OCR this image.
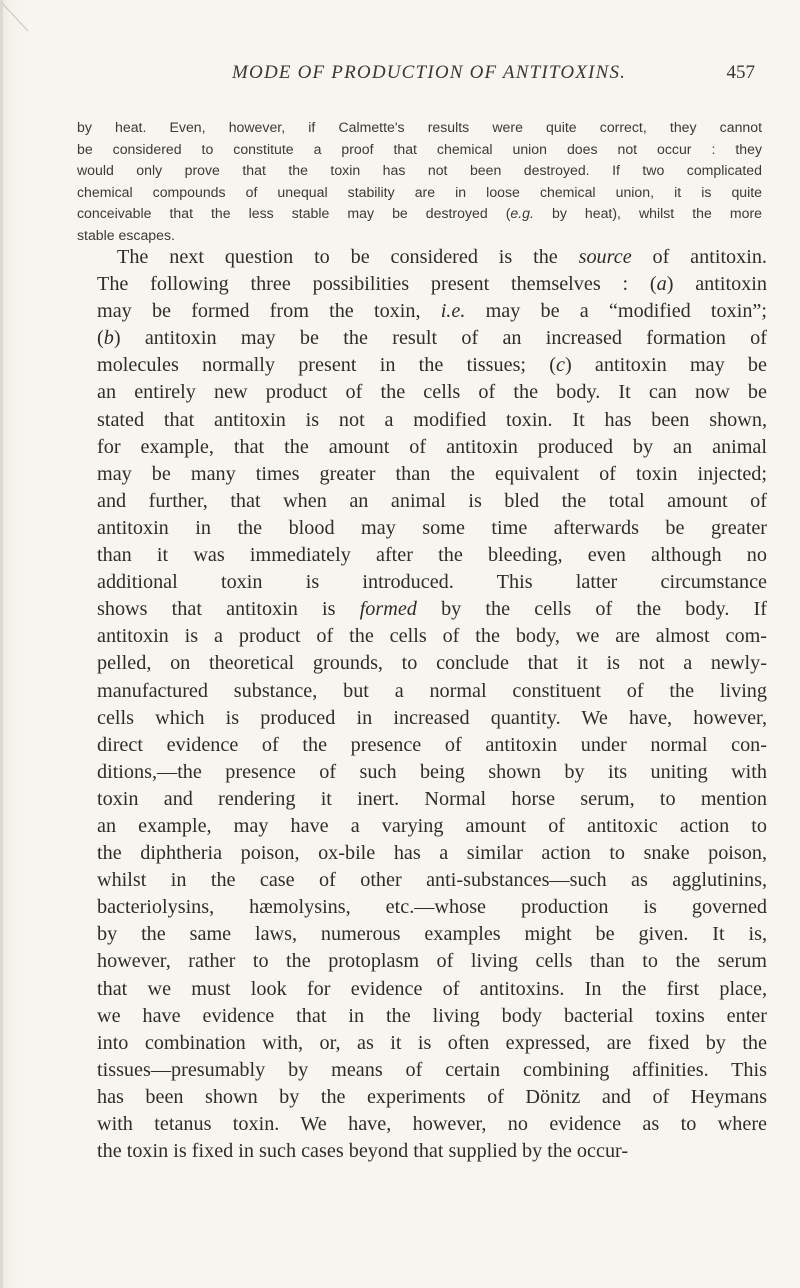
MODE OF PRODUCTION OF ANTITOXINS.	457
by heat. Even, however, if Calmette's results were quite correct, they cannot
be considered to constitute a proof that chemical union does not occur : they
would only prove that the toxin has not been destroyed. If two complicated
chemical compounds of unequal stability are in loose chemical union, it is quite
conceivable that the less stable may be destroyed (e.g. by heat), whilst the more
stable escapes.
The next question to be considered is the source of antitoxin.
The following three possibilities present themselves : (a) antitoxin
may be formed from the toxin, i.e. may be a “modified toxin”;
(b) antitoxin may be the result of an increased formation of
molecules normally present in the tissues; (c) antitoxin may be
an entirely new product of the cells of the body. It can now be
stated that antitoxin is not a modified toxin. It has been shown,
for example, that the amount of antitoxin produced by an animal
may be many times greater than the equivalent of toxin injected;
and further, that when an animal is bled the total amount of
antitoxin in the blood may some time afterwards be greater
than it was immediately after the bleeding, even although no
additional toxin is introduced. This latter circumstance
shows that antitoxin is formed by the cells of the body. If
antitoxin is a product of the cells of the body, we are almost com-
pelled, on theoretical grounds, to conclude that it is not a newly-
manufactured substance, but a normal constituent of the living
cells which is produced in increased quantity. We have, however,
direct evidence of the presence of antitoxin under normal con-
ditions,—the presence of such being shown by its uniting with
toxin and rendering it inert. Normal horse serum, to mention
an example, may have a varying amount of antitoxic action to
the diphtheria poison, ox-bile has a similar action to snake poison,
whilst in the case of other anti-substances—such as agglutinins,
bacteriolysins, hæmolysins, etc.—whose production is governed
by the same laws, numerous examples might be given. It is,
however, rather to the protoplasm of living cells than to the serum
that we must look for evidence of antitoxins. In the first place,
we have evidence that in the living body bacterial toxins enter
into combination with, or, as it is often expressed, are fixed by the
tissues—presumably by means of certain combining affinities. This
has been shown by the experiments of Dönitz and of Heymans
with tetanus toxin. We have, however, no evidence as to where
the toxin is fixed in such cases beyond that supplied by the occur-
